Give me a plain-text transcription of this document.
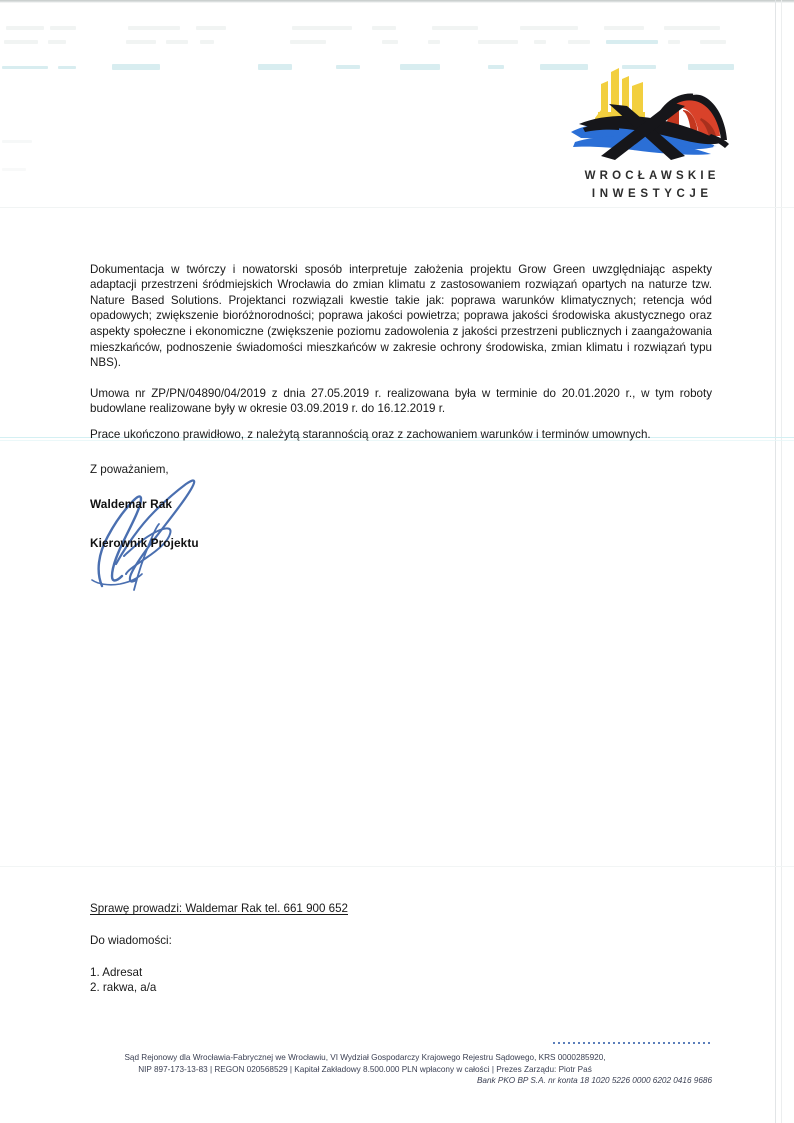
WROCŁAWSKIE
INWESTYCJE

Dokumentacja w twórczy i nowatorski sposób interpretuje założenia projektu Grow Green uwzględniając aspekty adaptacji przestrzeni śródmiejskich Wrocławia do zmian klimatu z zastosowaniem rozwiązań opartych na naturze tzw. Nature Based Solutions. Projektanci rozwiązali kwestie takie jak: poprawa warunków klimatycznych; retencja wód opadowych; zwiększenie bioróżnorodności; poprawa jakości powietrza; poprawa jakości środowiska akustycznego oraz aspekty społeczne i ekonomiczne (zwiększenie poziomu zadowolenia z jakości przestrzeni publicznych i zaangażowania mieszkańców, podnoszenie świadomości mieszkańców w zakresie ochrony środowiska, zmian klimatu i rozwiązań typu NBS).

Umowa nr ZP/PN/04890/04/2019 z dnia 27.05.2019 r. realizowana była w terminie do 20.01.2020 r., w tym roboty budowlane realizowane były w okresie 03.09.2019 r. do 16.12.2019 r.

Prace ukończono prawidłowo, z należytą starannością oraz z zachowaniem warunków i terminów umownych.

Z poważaniem,

Waldemar Rak
Kierownik Projektu
Sprawę prowadzi: Waldemar Rak tel. 661 900 652
Do wiadomości:
1. Adresat
2. rakwa, a/a
Sąd Rejonowy dla Wrocławia-Fabrycznej we Wrocławiu, VI Wydział Gospodarczy Krajowego Rejestru Sądowego, KRS 0000285920,
NIP 897-173-13-83 | REGON 020568529 | Kapitał Zakładowy 8.500.000 PLN wpłacony w całości | Prezes Zarządu: Piotr Paś
Bank PKO BP S.A. nr konta 18 1020 5226 0000 6202 0416 9686
